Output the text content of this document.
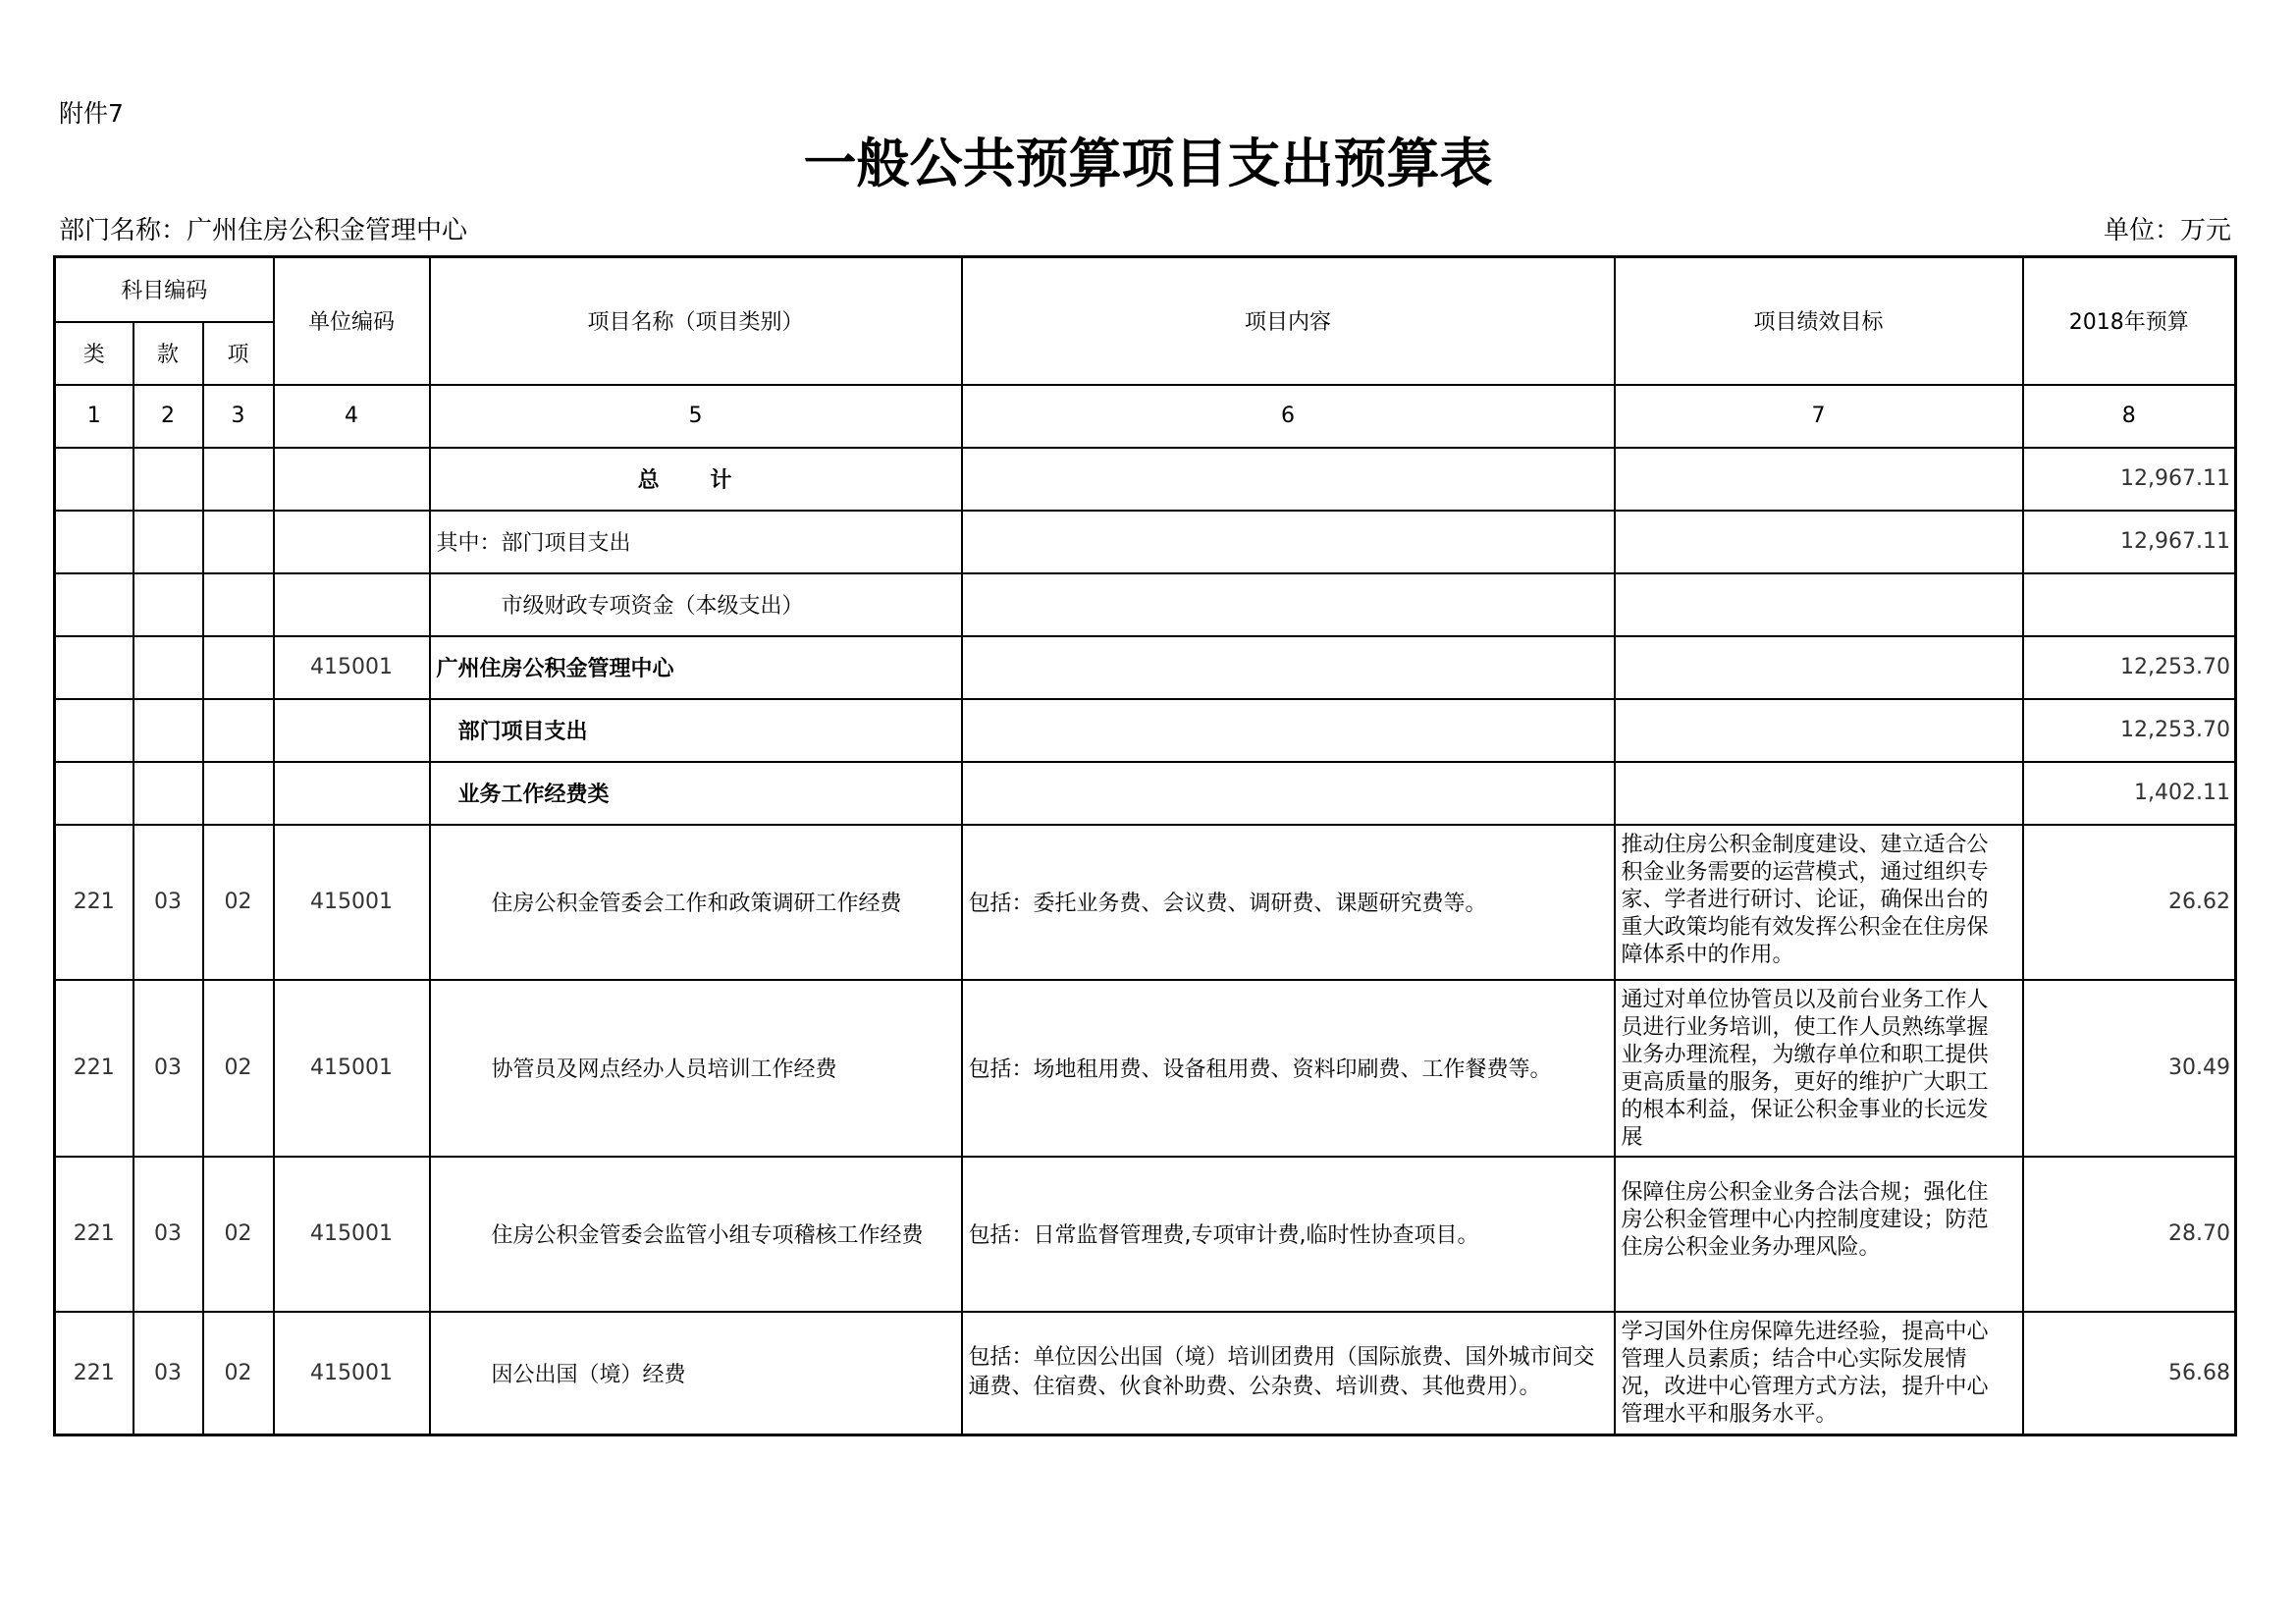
附件7
一般公共预算项目支出预算表
部门名称：广州住房公积金管理中心	单位：万元
科目编码			单位编码	项目名称（项目类别）	项目内容	项目绩效目标	2018年预算
类	款	项					
1	2	3	4	5	6	7	8
				总 计			12,967.11
				其中：部门项目支出			12,967.11
				市级财政专项资金（本级支出）			
			415001	广州住房公积金管理中心			12,253.70
				部门项目支出			12,253.70
				业务工作经费类			1,402.11
221	03	02	415001	住房公积金管委会工作和政策调研工作经费	包括：委托业务费、会议费、调研费、课题研究费等。	推动住房公积金制度建设、建立适合公积金业务需要的运营模式，通过组织专家、学者进行研讨、论证，确保出台的重大政策均能有效发挥公积金在住房保障体系中的作用。	26.62
221	03	02	415001	协管员及网点经办人员培训工作经费	包括：场地租用费、设备租用费、资料印刷费、工作餐费等。	通过对单位协管员以及前台业务工作人员进行业务培训，使工作人员熟练掌握业务办理流程，为缴存单位和职工提供更高质量的服务，更好的维护广大职工的根本利益，保证公积金事业的长远发展	30.49
221	03	02	415001	住房公积金管委会监管小组专项稽核工作经费	包括：日常监督管理费,专项审计费,临时性协查项目。	保障住房公积金业务合法合规；强化住房公积金管理中心内控制度建设；防范住房公积金业务办理风险。	28.70
221	03	02	415001	因公出国（境）经费	包括：单位因公出国（境）培训团费用（国际旅费、国外城市间交通费、住宿费、伙食补助费、公杂费、培训费、其他费用）。	学习国外住房保障先进经验，提高中心管理人员素质；结合中心实际发展情况，改进中心管理方式方法，提升中心管理水平和服务水平。	56.68
